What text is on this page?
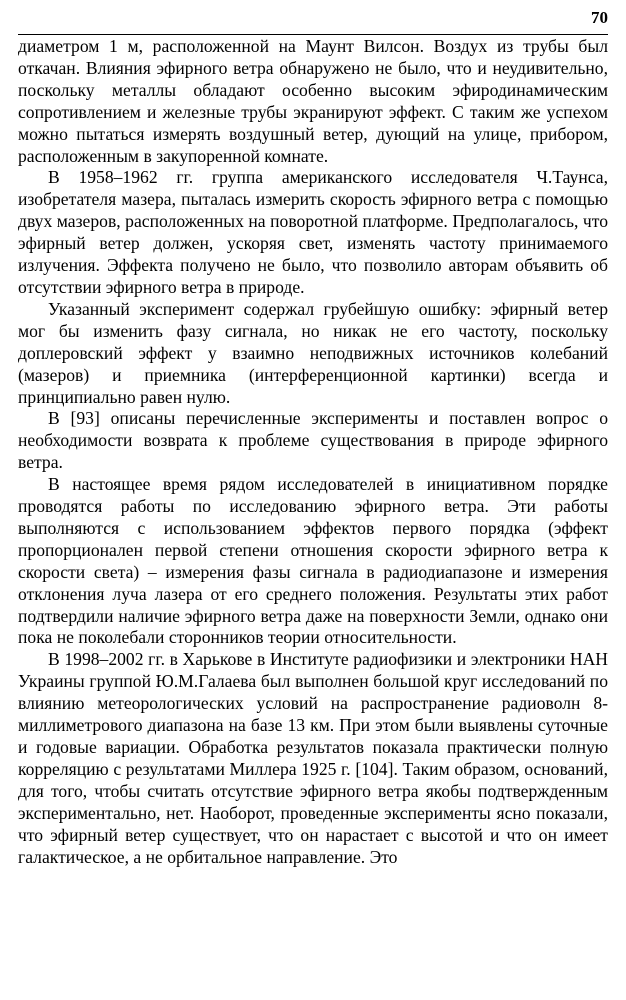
70

диаметром 1 м, расположенной на Маунт Вилсон. Воздух из трубы был откачан. Влияния эфирного ветра обнаружено не было, что и неудивительно, поскольку металлы обладают особенно высоким эфиродинамическим сопротивлением и железные трубы экранируют эффект. С таким же успехом можно пытаться измерять воздушный ветер, дующий на улице, прибором, расположенным в закупоренной комнате.

В 1958–1962 гг. группа американского исследователя Ч.Таунса, изобретателя мазера, пыталась измерить скорость эфирного ветра с помощью двух мазеров, расположенных на поворотной платформе. Предполагалось, что эфирный ветер должен, ускоряя свет, изменять частоту принимаемого излучения. Эффекта получено не было, что позволило авторам объявить об отсутствии эфирного ветра в природе.

Указанный эксперимент содержал грубейшую ошибку: эфирный ветер мог бы изменить фазу сигнала, но никак не его частоту, поскольку доплеровский эффект у взаимно неподвижных источников колебаний (мазеров) и приемника (интерференционной картинки) всегда и принципиально равен нулю.

В [93] описаны перечисленные эксперименты и поставлен вопрос о необходимости возврата к проблеме существования в природе эфирного ветра.

В настоящее время рядом исследователей в инициативном порядке проводятся работы по исследованию эфирного ветра. Эти работы выполняются с использованием эффектов первого порядка (эффект пропорционален первой степени отношения скорости эфирного ветра к скорости света) – измерения фазы сигнала в радиодиапазоне и измерения отклонения луча лазера от его среднего положения. Результаты этих работ подтвердили наличие эфирного ветра даже на поверхности Земли, однако они пока не поколебали сторонников теории относительности.

В 1998–2002 гг. в Харькове в Институте радиофизики и электроники НАН Украины группой Ю.М.Галаева был выполнен большой круг исследований по влиянию метеорологических условий на распространение радиоволн 8-миллиметрового диапазона на базе 13 км. При этом были выявлены суточные и годовые вариации. Обработка результатов показала практически полную корреляцию с результатами Миллера 1925 г. [104]. Таким образом, оснований, для того, чтобы считать отсутствие эфирного ветра якобы подтвержденным экспериментально, нет. Наоборот, проведенные эксперименты ясно показали, что эфирный ветер существует, что он нарастает с высотой и что он имеет галактическое, а не орбитальное направление. Это
